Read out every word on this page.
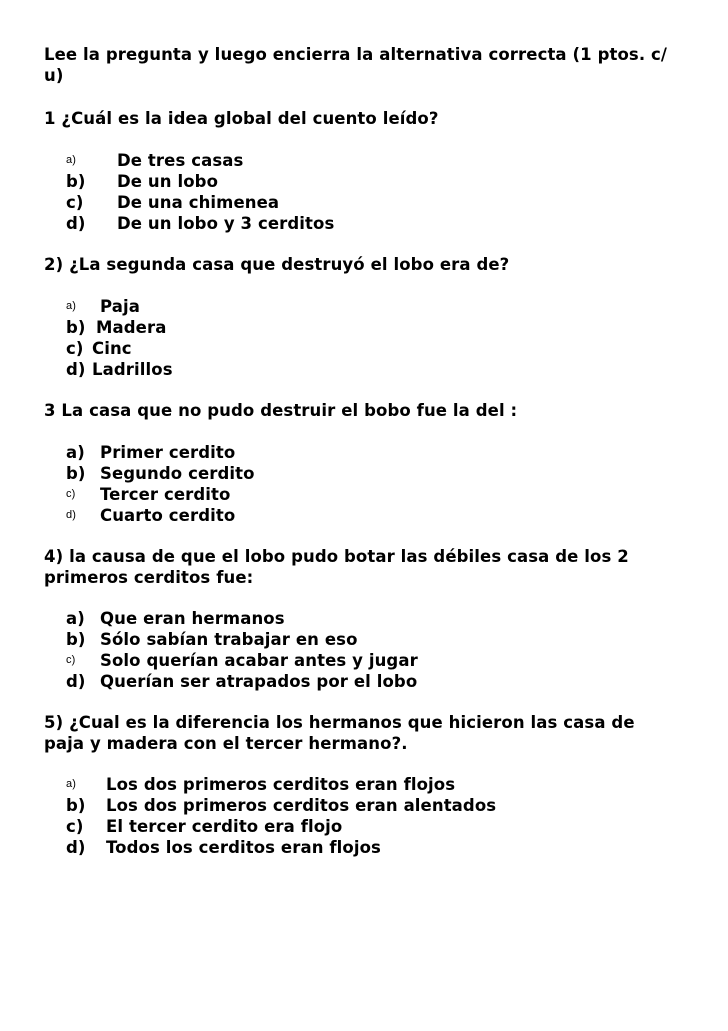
Lee la pregunta y luego encierra la alternativa correcta (1 ptos. c/
u)
1 ¿Cuál es la idea global del cuento leído?
a) De tres casas
b) De un lobo
c) De una chimenea
d) De un lobo y 3 cerditos
2) ¿La segunda casa que destruyó el lobo era de?
a) Paja
b) Madera
c) Cinc
d) Ladrillos
3 La casa que no pudo destruir el bobo fue la del :
a) Primer cerdito
b) Segundo cerdito
c) Tercer cerdito
d) Cuarto cerdito
4) la causa de que el lobo pudo botar las débiles casa de los 2
primeros cerditos fue:
a) Que eran hermanos
b) Sólo sabían trabajar en eso
c) Solo querían acabar antes y jugar
d) Querían ser atrapados por el lobo
5) ¿Cual es la diferencia los hermanos que hicieron las casa de
paja y madera con el tercer hermano?.
a) Los dos primeros cerditos eran flojos
b) Los dos primeros cerditos eran alentados
c) El tercer cerdito era flojo
d) Todos los cerditos eran flojos
